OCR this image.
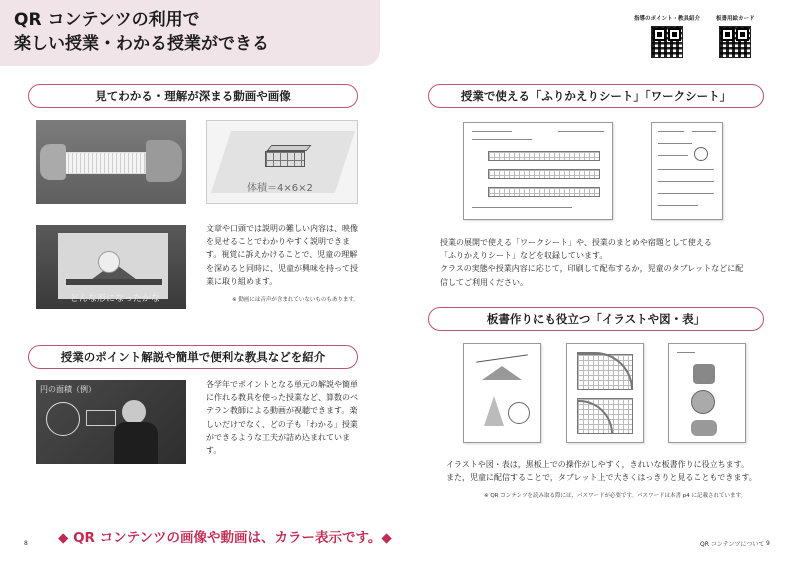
QR コンテンツの利用で
楽しい授業・わかる授業ができる
見てわかる・理解が深まる動画や画像
体積＝4×6×2
どんな形になったかな
文章や口頭では説明の難しい内容は、映像を見せることでわかりやすく説明できます。視覚に訴えかけることで、児童の理解を深めると同時に、児童が興味を持って授業に取り組めます。
※ 動画には音声が含まれていないものもあります。
授業のポイント解説や簡単で便利な教具などを紹介
円の面積（例）
各学年でポイントとなる単元の解説や簡単に作れる教具を使った授業など、算数のベテラン教師による動画が視聴できます。楽しいだけでなく、どの子も「わかる」授業ができるような工夫が詰め込まれています。
指導のポイント・教具紹介	板書用絵カード
授業で使える「ふりかえりシート」「ワークシート」
授業の展開で使える「ワークシート」や、授業のまとめや宿題として使える
「ふりかえりシート」などを収録しています。
クラスの実態や授業内容に応じて，印刷して配布するか，児童のタブレットなどに配
信してご利用ください。
板書作りにも役立つ「イラストや図・表」
イラストや図・表は，黒板上での操作がしやすく，きれいな板書作りに役立ちます。
また，児童に配信することで，タブレット上で大きくはっきりと見ることもできます。
※ QR コンテンツを読み取る際には，パスワードが必要です。パスワードは本書 p4 に記載されています。
8 ◆ QR コンテンツの画像や動画は、カラー表示です。◆	QR コンテンツについて 9
